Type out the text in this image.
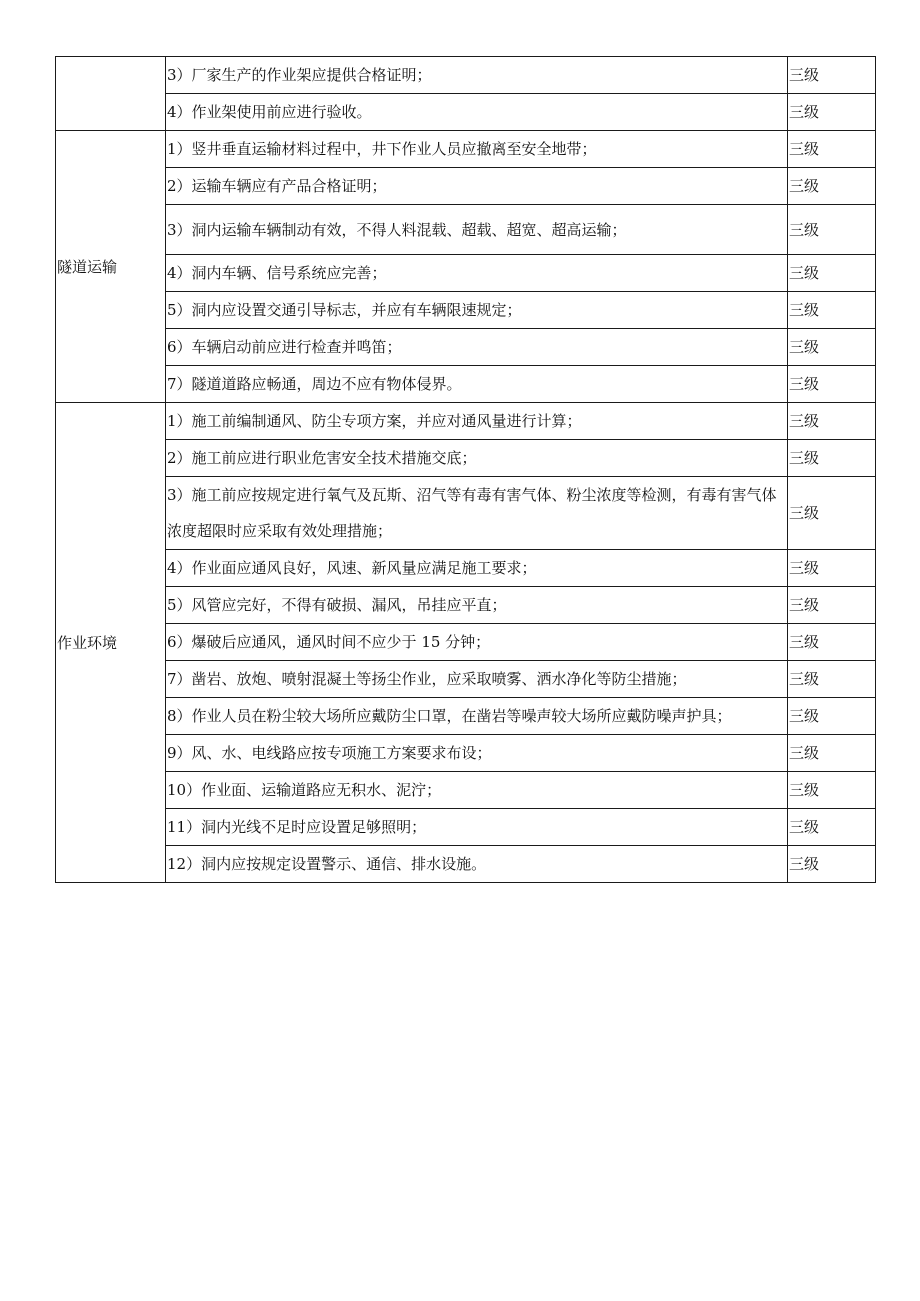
	3）厂家生产的作业架应提供合格证明；	三级
	4）作业架使用前应进行验收。	三级
隧道运输	1）竖井垂直运输材料过程中，井下作业人员应撤离至安全地带；	三级
	2）运输车辆应有产品合格证明；	三级
	3）洞内运输车辆制动有效，不得人料混载、超载、超宽、超高运输；	三级
	4）洞内车辆、信号系统应完善；	三级
	5）洞内应设置交通引导标志，并应有车辆限速规定；	三级
	6）车辆启动前应进行检查并鸣笛；	三级
	7）隧道道路应畅通，周边不应有物体侵界。	三级
作业环境	1）施工前编制通风、防尘专项方案，并应对通风量进行计算；	三级
	2）施工前应进行职业危害安全技术措施交底；	三级
	3）施工前应按规定进行氧气及瓦斯、沼气等有毒有害气体、粉尘浓度等检测，有毒有害气体浓度超限时应采取有效处理措施；	三级
	4）作业面应通风良好，风速、新风量应满足施工要求；	三级
	5）风管应完好，不得有破损、漏风，吊挂应平直；	三级
	6）爆破后应通风，通风时间不应少于 15 分钟；	三级
	7）凿岩、放炮、喷射混凝土等扬尘作业，应采取喷雾、洒水净化等防尘措施；	三级
	8）作业人员在粉尘较大场所应戴防尘口罩，在凿岩等噪声较大场所应戴防噪声护具；	三级
	9）风、水、电线路应按专项施工方案要求布设；	三级
	10）作业面、运输道路应无积水、泥泞；	三级
	11）洞内光线不足时应设置足够照明；	三级
	12）洞内应按规定设置警示、通信、排水设施。	三级
